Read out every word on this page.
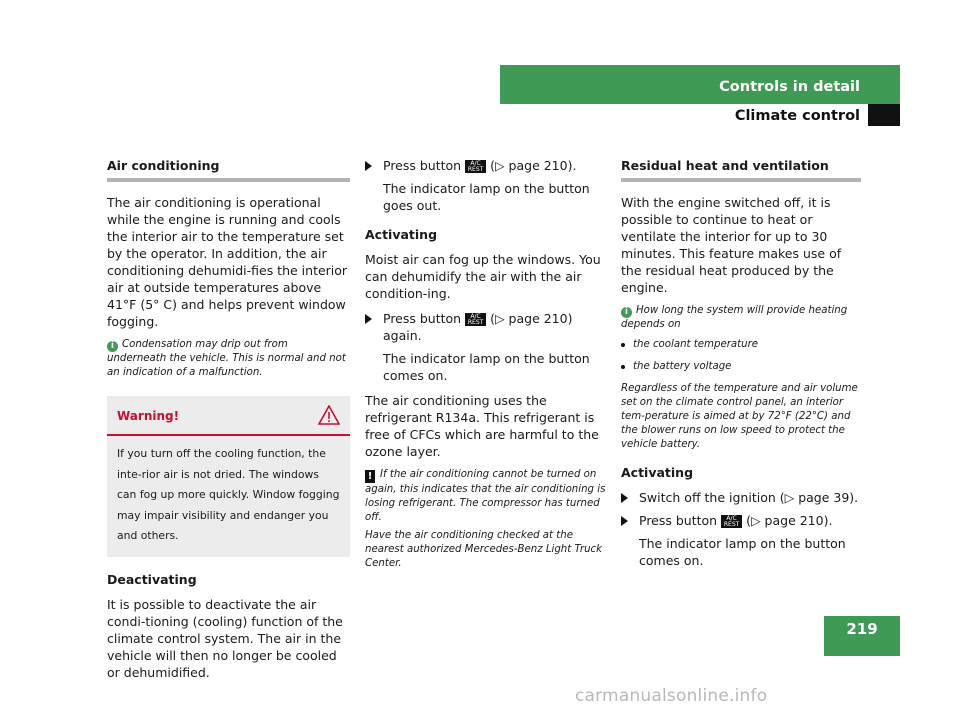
Controls in detail
Climate control
Air conditioning

The air conditioning is operational while the engine is running and cools the interior air to the temperature set by the operator. In addition, the air conditioning dehumidi-fies the interior air at outside temperatures above 41°F (5° C) and helps prevent window fogging.

i Condensation may drip out from underneath the vehicle. This is normal and not an indication of a malfunction.
Warning!
If you turn off the cooling function, the inte-rior air is not dried. The windows can fog up more quickly. Window fogging may impair visibility and endanger you and others.
Deactivating

It is possible to deactivate the air condi-tioning (cooling) function of the climate control system. The air in the vehicle will then no longer be cooled or dehumidified.

Press button A/C
REST (▷ page 210).
The indicator lamp on the button goes out.
Activating

Moist air can fog up the windows. You can dehumidify the air with the air condition-ing.

Press button A/C
REST (▷ page 210) again.
The indicator lamp on the button comes on.

The air conditioning uses the refrigerant R134a. This refrigerant is free of CFCs which are harmful to the ozone layer.

! If the air conditioning cannot be turned on again, this indicates that the air conditioning is losing refrigerant. The compressor has turned off.

Have the air conditioning checked at the nearest authorized Mercedes-Benz Light Truck Center.

Residual heat and ventilation

With the engine switched off, it is possible to continue to heat or ventilate the interior for up to 30 minutes. This feature makes use of the residual heat produced by the engine.

i How long the system will provide heating depends on

the coolant temperature
the battery voltage

Regardless of the temperature and air volume set on the climate control panel, an interior tem-perature is aimed at by 72°F (22°C) and the blower runs on low speed to protect the vehicle battery.

Activating
Switch off the ignition (▷ page 39).
Press button A/C
REST (▷ page 210).
The indicator lamp on the button comes on.
219
carmanualsonline.info
